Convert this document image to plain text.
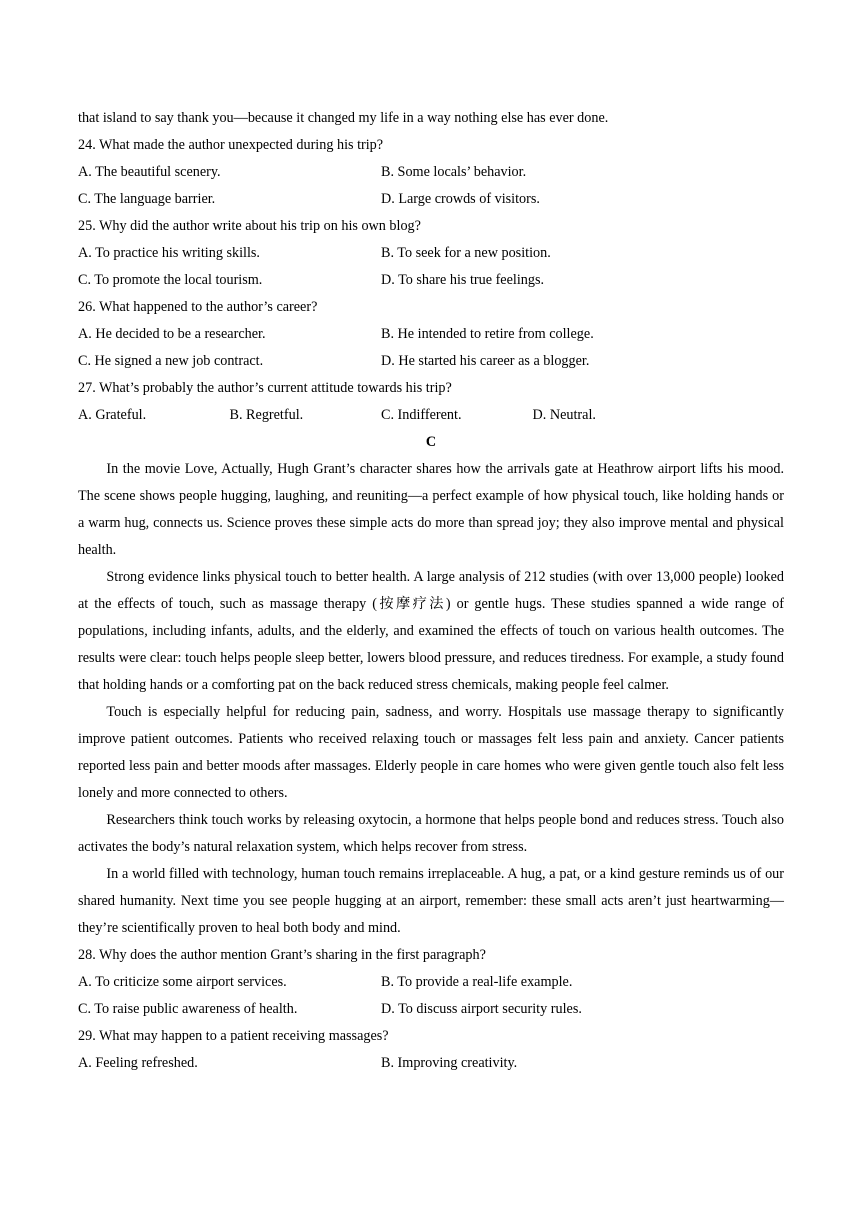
that island to say thank you—because it changed my life in a way nothing else has ever done.
24. What made the author unexpected during his trip?
A. The beautiful scenery.	B. Some locals’ behavior.
C. The language barrier.	D. Large crowds of visitors.
25. Why did the author write about his trip on his own blog?
A. To practice his writing skills.	B. To seek for a new position.
C. To promote the local tourism.	D. To share his true feelings.
26. What happened to the author’s career?
A. He decided to be a researcher.	B. He intended to retire from college.
C. He signed a new job contract.	D. He started his career as a blogger.
27. What’s probably the author’s current attitude towards his trip?
A. Grateful.	B. Regretful.	C. Indifferent.	D. Neutral.
C

In the movie Love, Actually, Hugh Grant’s character shares how the arrivals gate at Heathrow airport lifts his mood. The scene shows people hugging, laughing, and reuniting—a perfect example of how physical touch, like holding hands or a warm hug, connects us. Science proves these simple acts do more than spread joy; they also improve mental and physical health.

Strong evidence links physical touch to better health. A large analysis of 212 studies (with over 13,000 people) looked at the effects of touch, such as massage therapy (按摩疗法) or gentle hugs. These studies spanned a wide range of populations, including infants, adults, and the elderly, and examined the effects of touch on various health outcomes. The results were clear: touch helps people sleep better, lowers blood pressure, and reduces tiredness. For example, a study found that holding hands or a comforting pat on the back reduced stress chemicals, making people feel calmer.

Touch is especially helpful for reducing pain, sadness, and worry. Hospitals use massage therapy to significantly improve patient outcomes. Patients who received relaxing touch or massages felt less pain and anxiety. Cancer patients reported less pain and better moods after massages. Elderly people in care homes who were given gentle touch also felt less lonely and more connected to others.

Researchers think touch works by releasing oxytocin, a hormone that helps people bond and reduces stress. Touch also activates the body’s natural relaxation system, which helps recover from stress.

In a world filled with technology, human touch remains irreplaceable. A hug, a pat, or a kind gesture reminds us of our shared humanity. Next time you see people hugging at an airport, remember: these small acts aren’t just heartwarming—they’re scientifically proven to heal both body and mind.

28. Why does the author mention Grant’s sharing in the first paragraph?
A. To criticize some airport services.	B. To provide a real-life example.
C. To raise public awareness of health.	D. To discuss airport security rules.
29. What may happen to a patient receiving massages?
A. Feeling refreshed.	B. Improving creativity.
